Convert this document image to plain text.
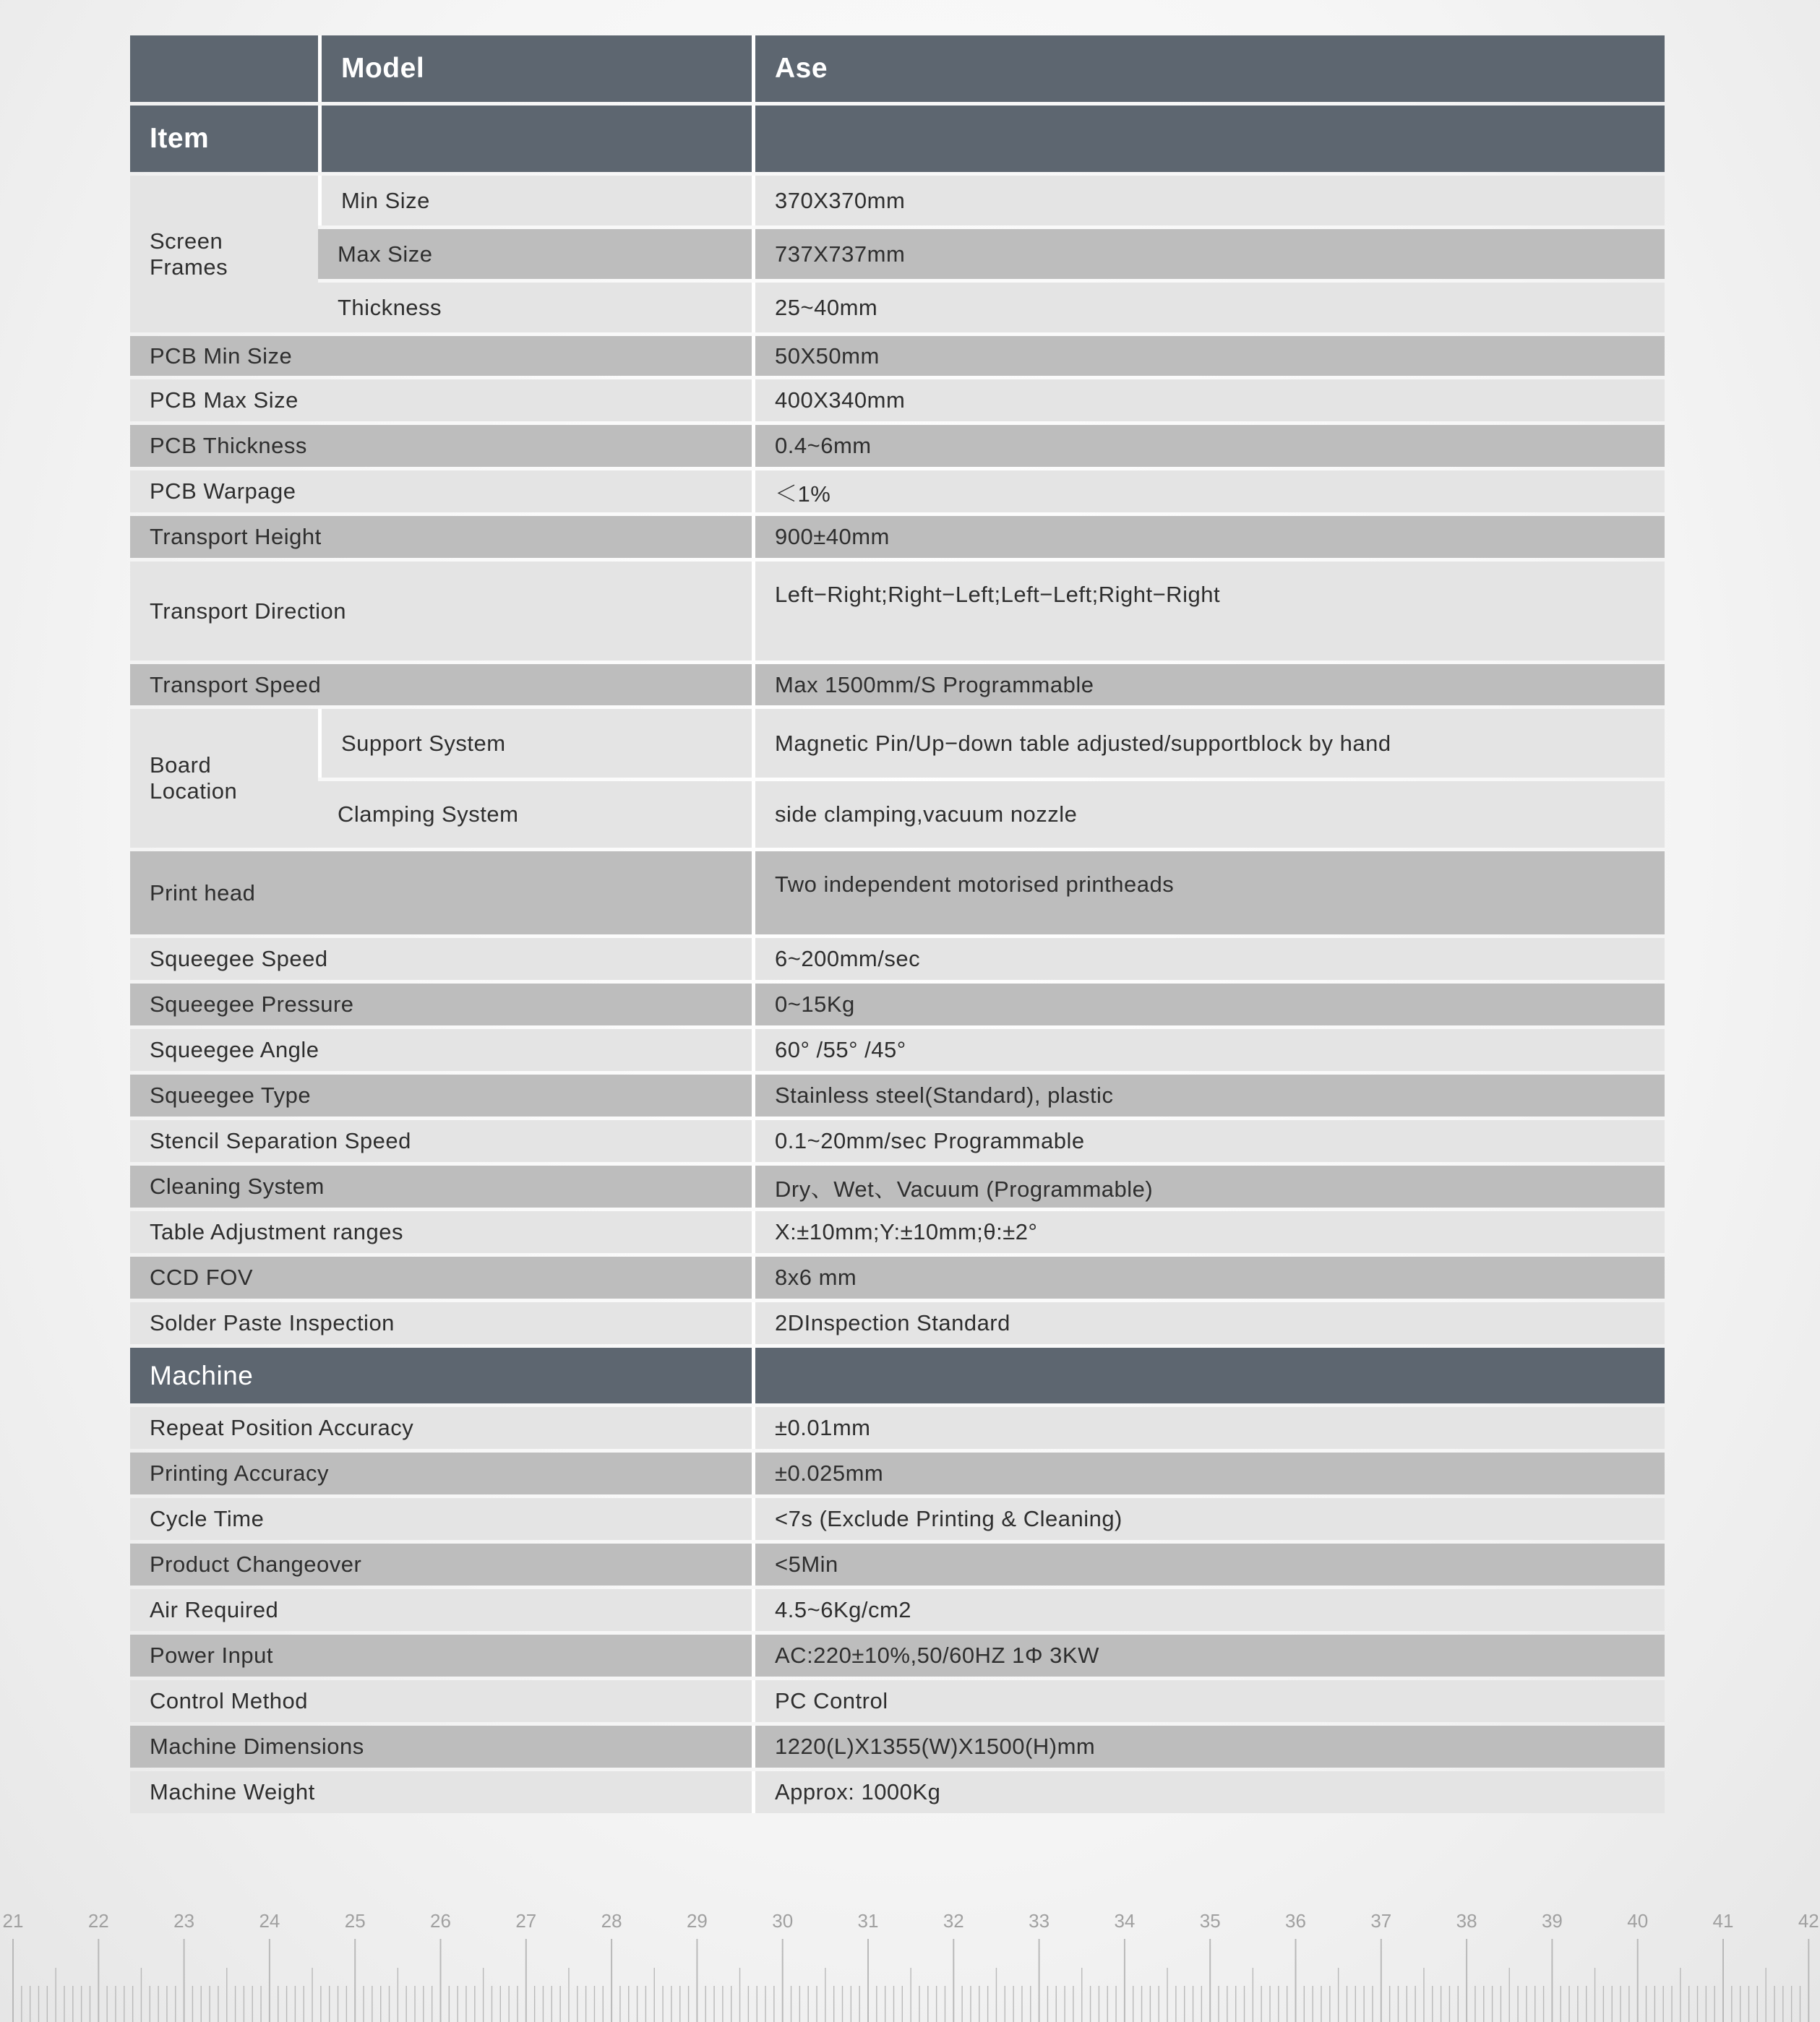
	Model	Ase
Item		
Screen Frames	Min Size	370X370mm
	Max Size	737X737mm
	Thickness	25~40mm
PCB Min Size		50X50mm
PCB Max Size		400X340mm
PCB Thickness		0.4~6mm
PCB Warpage		＜1%
Transport Height		900±40mm
Transport Direction		Left−Right;Right−Left;Left−Left;Right−Right
Transport Speed		Max 1500mm/S Programmable
Board Location	Support System	Magnetic Pin/Up−down table adjusted/supportblock by hand
	Clamping System	side clamping,vacuum nozzle
Print head		Two independent motorised printheads
Squeegee Speed		6~200mm/sec
Squeegee Pressure		0~15Kg
Squeegee Angle		60° /55° /45°
Squeegee Type		Stainless steel(Standard), plastic
Stencil Separation Speed		0.1~20mm/sec Programmable
Cleaning System		Dry、Wet、Vacuum (Programmable)
Table Adjustment ranges		X:±10mm;Y:±10mm;θ:±2°
CCD FOV		8x6 mm
Solder Paste Inspection		2DInspection Standard
Machine		
Repeat Position Accuracy		±0.01mm
Printing Accuracy		±0.025mm
Cycle Time		<7s (Exclude Printing & Cleaning)
Product Changeover		<5Min
Air Required		4.5~6Kg/cm2
Power Input		AC:220±10%,50/60HZ 1Φ 3KW
Control Method		PC Control
Machine Dimensions		1220(L)X1355(W)X1500(H)mm
Machine Weight		Approx: 1000Kg
21	22	23	24	25	26	27	28	29	30	31	32	33	34	35	36	37	38	39	40	41	42
